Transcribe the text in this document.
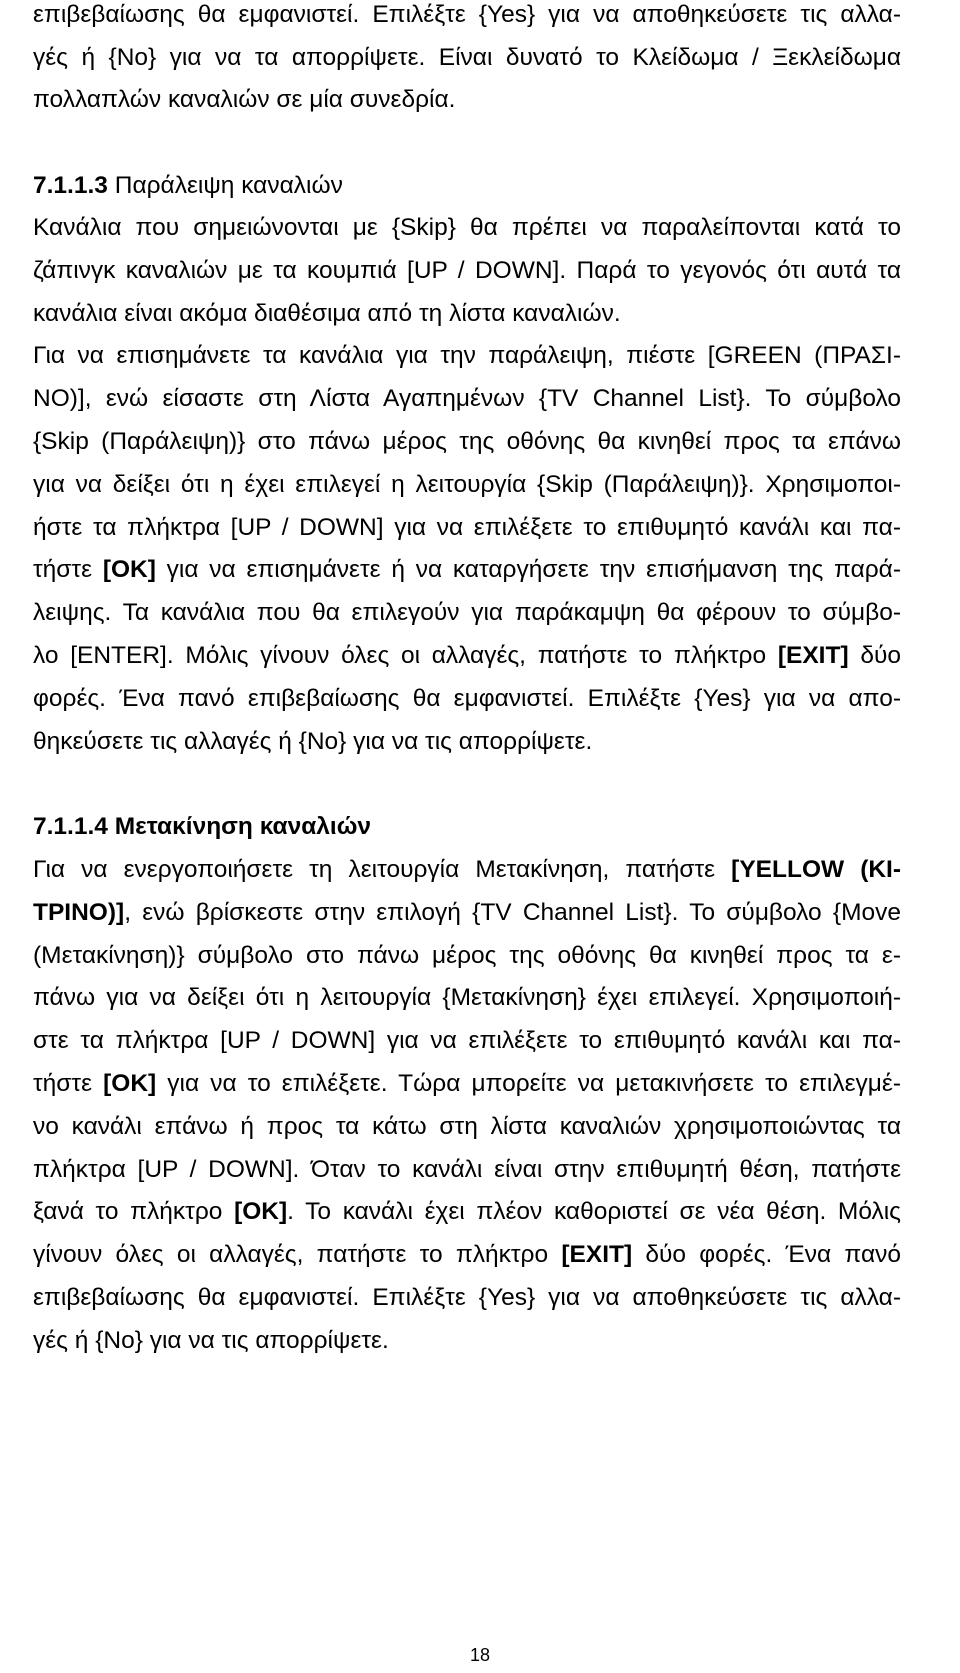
επιβεβαίωσης θα εμφανιστεί. Επιλέξτε {Yes} για να αποθηκεύσετε τις αλλα-
γές ή {No} για να τα απορρίψετε. Είναι δυνατό το Κλείδωμα / Ξεκλείδωμα
πολλαπλών καναλιών σε μία συνεδρία.
7.1.1.3 Παράλειψη καναλιών
Κανάλια που σημειώνονται με {Skip} θα πρέπει να παραλείπονται κατά το
ζάπινγκ καναλιών με τα κουμπιά [UP / DOWN]. Παρά το γεγονός ότι αυτά τα
κανάλια είναι ακόμα διαθέσιμα από τη λίστα καναλιών.
Για να επισημάνετε τα κανάλια για την παράλειψη, πιέστε [GREEN (ΠΡΑΣΙ-
ΝΟ)], ενώ είσαστε στη Λίστα Αγαπημένων {TV Channel List}. Το σύμβολο
{Skip (Παράλειψη)} στο πάνω μέρος της οθόνης θα κινηθεί προς τα επάνω
για να δείξει ότι η έχει επιλεγεί η λειτουργία {Skip (Παράλειψη)}. Χρησιμοποι-
ήστε τα πλήκτρα [UP / DOWN] για να επιλέξετε το επιθυμητό κανάλι και πα-
τήστε [OK] για να επισημάνετε ή να καταργήσετε την επισήμανση της παρά-
λειψης. Τα κανάλια που θα επιλεγούν για παράκαμψη θα φέρουν το σύμβο-
λο [ENTER]. Μόλις γίνουν όλες οι αλλαγές, πατήστε το πλήκτρο [EXIT] δύο
φορές. Ένα πανό επιβεβαίωσης θα εμφανιστεί. Επιλέξτε {Yes} για να απο-
θηκεύσετε τις αλλαγές ή {No} για να τις απορρίψετε.
7.1.1.4 Μετακίνηση καναλιών
Για να ενεργοποιήσετε τη λειτουργία Μετακίνηση, πατήστε [YELLOW (ΚΙ-
ΤΡΙΝΟ)], ενώ βρίσκεστε στην επιλογή {TV Channel List}. Το σύμβολο {Move
(Μετακίνηση)} σύμβολο στο πάνω μέρος της οθόνης θα κινηθεί προς τα ε-
πάνω για να δείξει ότι η λειτουργία {Μετακίνηση} έχει επιλεγεί. Χρησιμοποιή-
στε τα πλήκτρα [UP / DOWN] για να επιλέξετε το επιθυμητό κανάλι και πα-
τήστε [OK] για να το επιλέξετε. Τώρα μπορείτε να μετακινήσετε το επιλεγμέ-
νο κανάλι επάνω ή προς τα κάτω στη λίστα καναλιών χρησιμοποιώντας τα
πλήκτρα [UP / DOWN]. Όταν το κανάλι είναι στην επιθυμητή θέση, πατήστε
ξανά το πλήκτρο [OK]. Το κανάλι έχει πλέον καθοριστεί σε νέα θέση. Μόλις
γίνουν όλες οι αλλαγές, πατήστε το πλήκτρο [EXIT] δύο φορές. Ένα πανό
επιβεβαίωσης θα εμφανιστεί. Επιλέξτε {Yes} για να αποθηκεύσετε τις αλλα-
γές ή {No} για να τις απορρίψετε.
18
